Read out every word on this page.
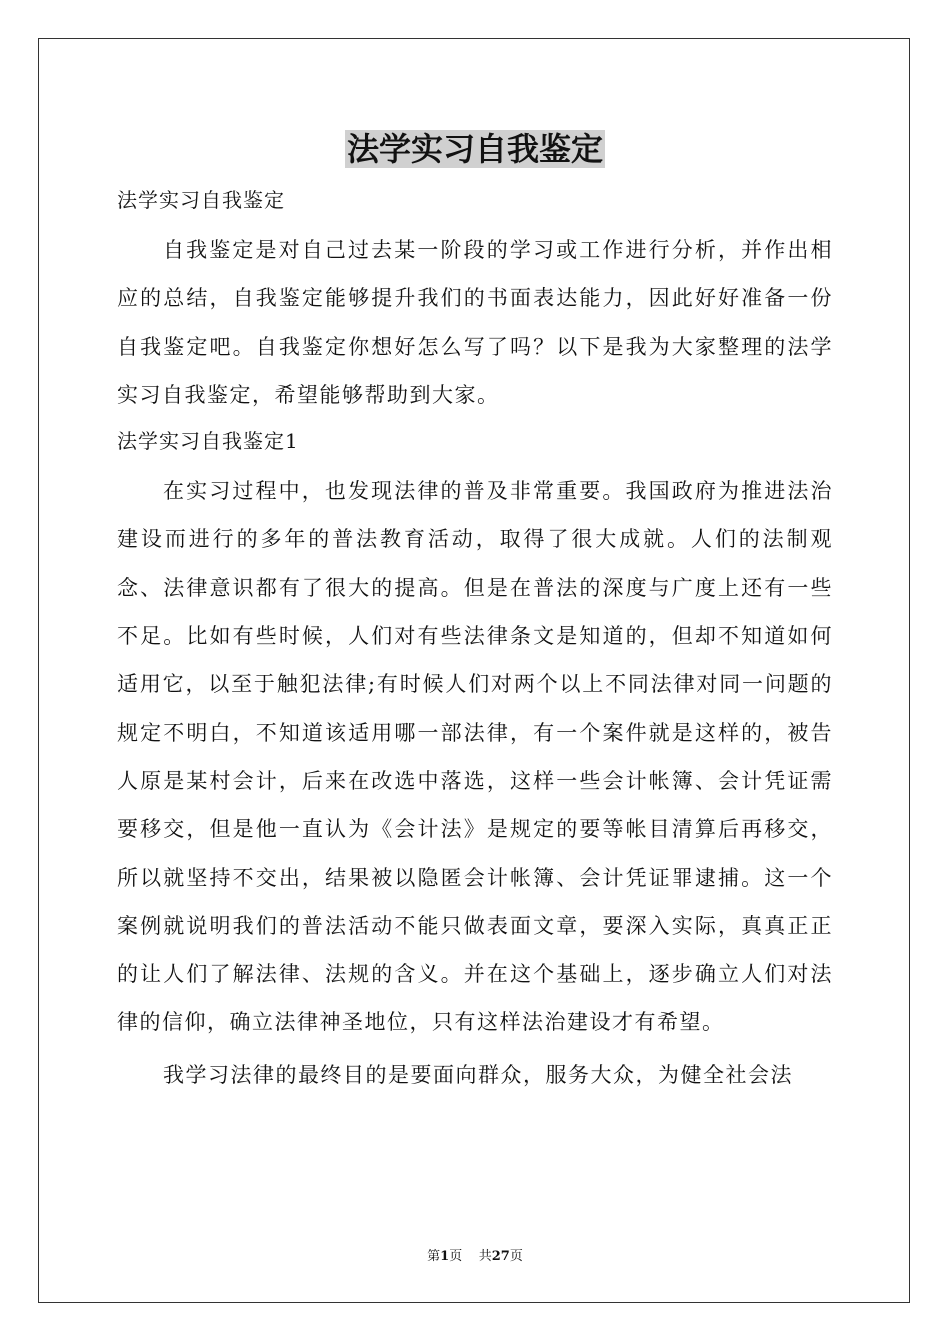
法学实习自我鉴定

法学实习自我鉴定

自我鉴定是对自己过去某一阶段的学习或工作进行分析，并作出相应的总结，自我鉴定能够提升我们的书面表达能力，因此好好准备一份自我鉴定吧。自我鉴定你想好怎么写了吗？以下是我为大家整理的法学实习自我鉴定，希望能够帮助到大家。

法学实习自我鉴定1

在实习过程中，也发现法律的普及非常重要。我国政府为推进法治建设而进行的多年的普法教育活动，取得了很大成就。人们的法制观念、法律意识都有了很大的提高。但是在普法的深度与广度上还有一些不足。比如有些时候，人们对有些法律条文是知道的，但却不知道如何适用它，以至于触犯法律;有时候人们对两个以上不同法律对同一问题的规定不明白，不知道该适用哪一部法律，有一个案件就是这样的，被告人原是某村会计，后来在改选中落选，这样一些会计帐簿、会计凭证需要移交，但是他一直认为《会计法》是规定的要等帐目清算后再移交，所以就坚持不交出，结果被以隐匿会计帐簿、会计凭证罪逮捕。这一个案例就说明我们的普法活动不能只做表面文章，要深入实际，真真正正的让人们了解法律、法规的含义。并在这个基础上，逐步确立人们对法律的信仰，确立法律神圣地位，只有这样法治建设才有希望。

我学习法律的最终目的是要面向群众，服务大众，为健全社会法

第1页 共27页
